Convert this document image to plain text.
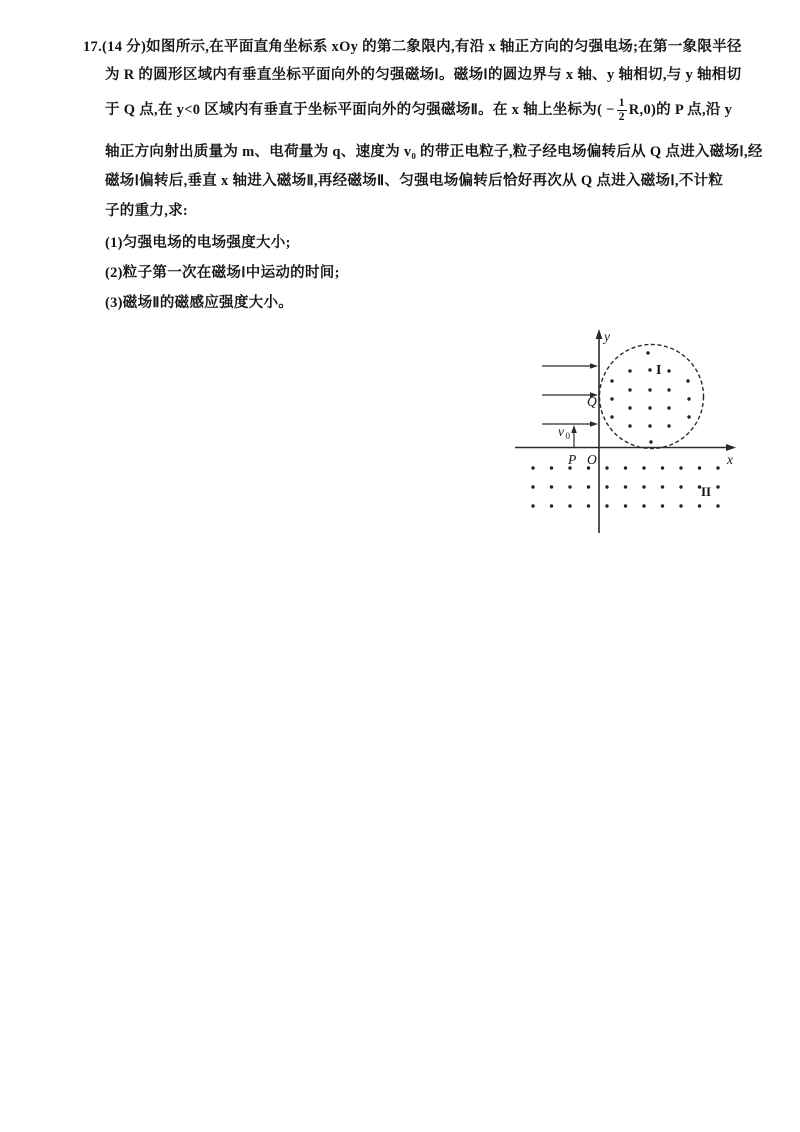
17.(14 分)如图所示,在平面直角坐标系 xOy 的第二象限内,有沿 x 轴正方向的匀强电场;在第一象限半径

为 R 的圆形区域内有垂直坐标平面向外的匀强磁场Ⅰ。磁场Ⅰ的圆边界与 x 轴、y 轴相切,与 y 轴相切

于 Q 点,在 y<0 区域内有垂直于坐标平面向外的匀强磁场Ⅱ。在 x 轴上坐标为( − $\frac{1}{2} R,0$)的 P 点,沿 y

轴正方向射出质量为 m、电荷量为 q、速度为 v₀ 的带正电粒子,粒子经电场偏转后从 Q 点进入磁场Ⅰ,经

磁场Ⅰ偏转后,垂直 x 轴进入磁场Ⅱ,再经磁场Ⅱ、匀强电场偏转后恰好再次从 Q 点进入磁场Ⅰ,不计粒

子的重力,求:

(1)匀强电场的电场强度大小;

(2)粒子第一次在磁场Ⅰ中运动的时间;

(3)磁场Ⅱ的磁感应强度大小。

y
x
O
P
Q
v 0
I
II
